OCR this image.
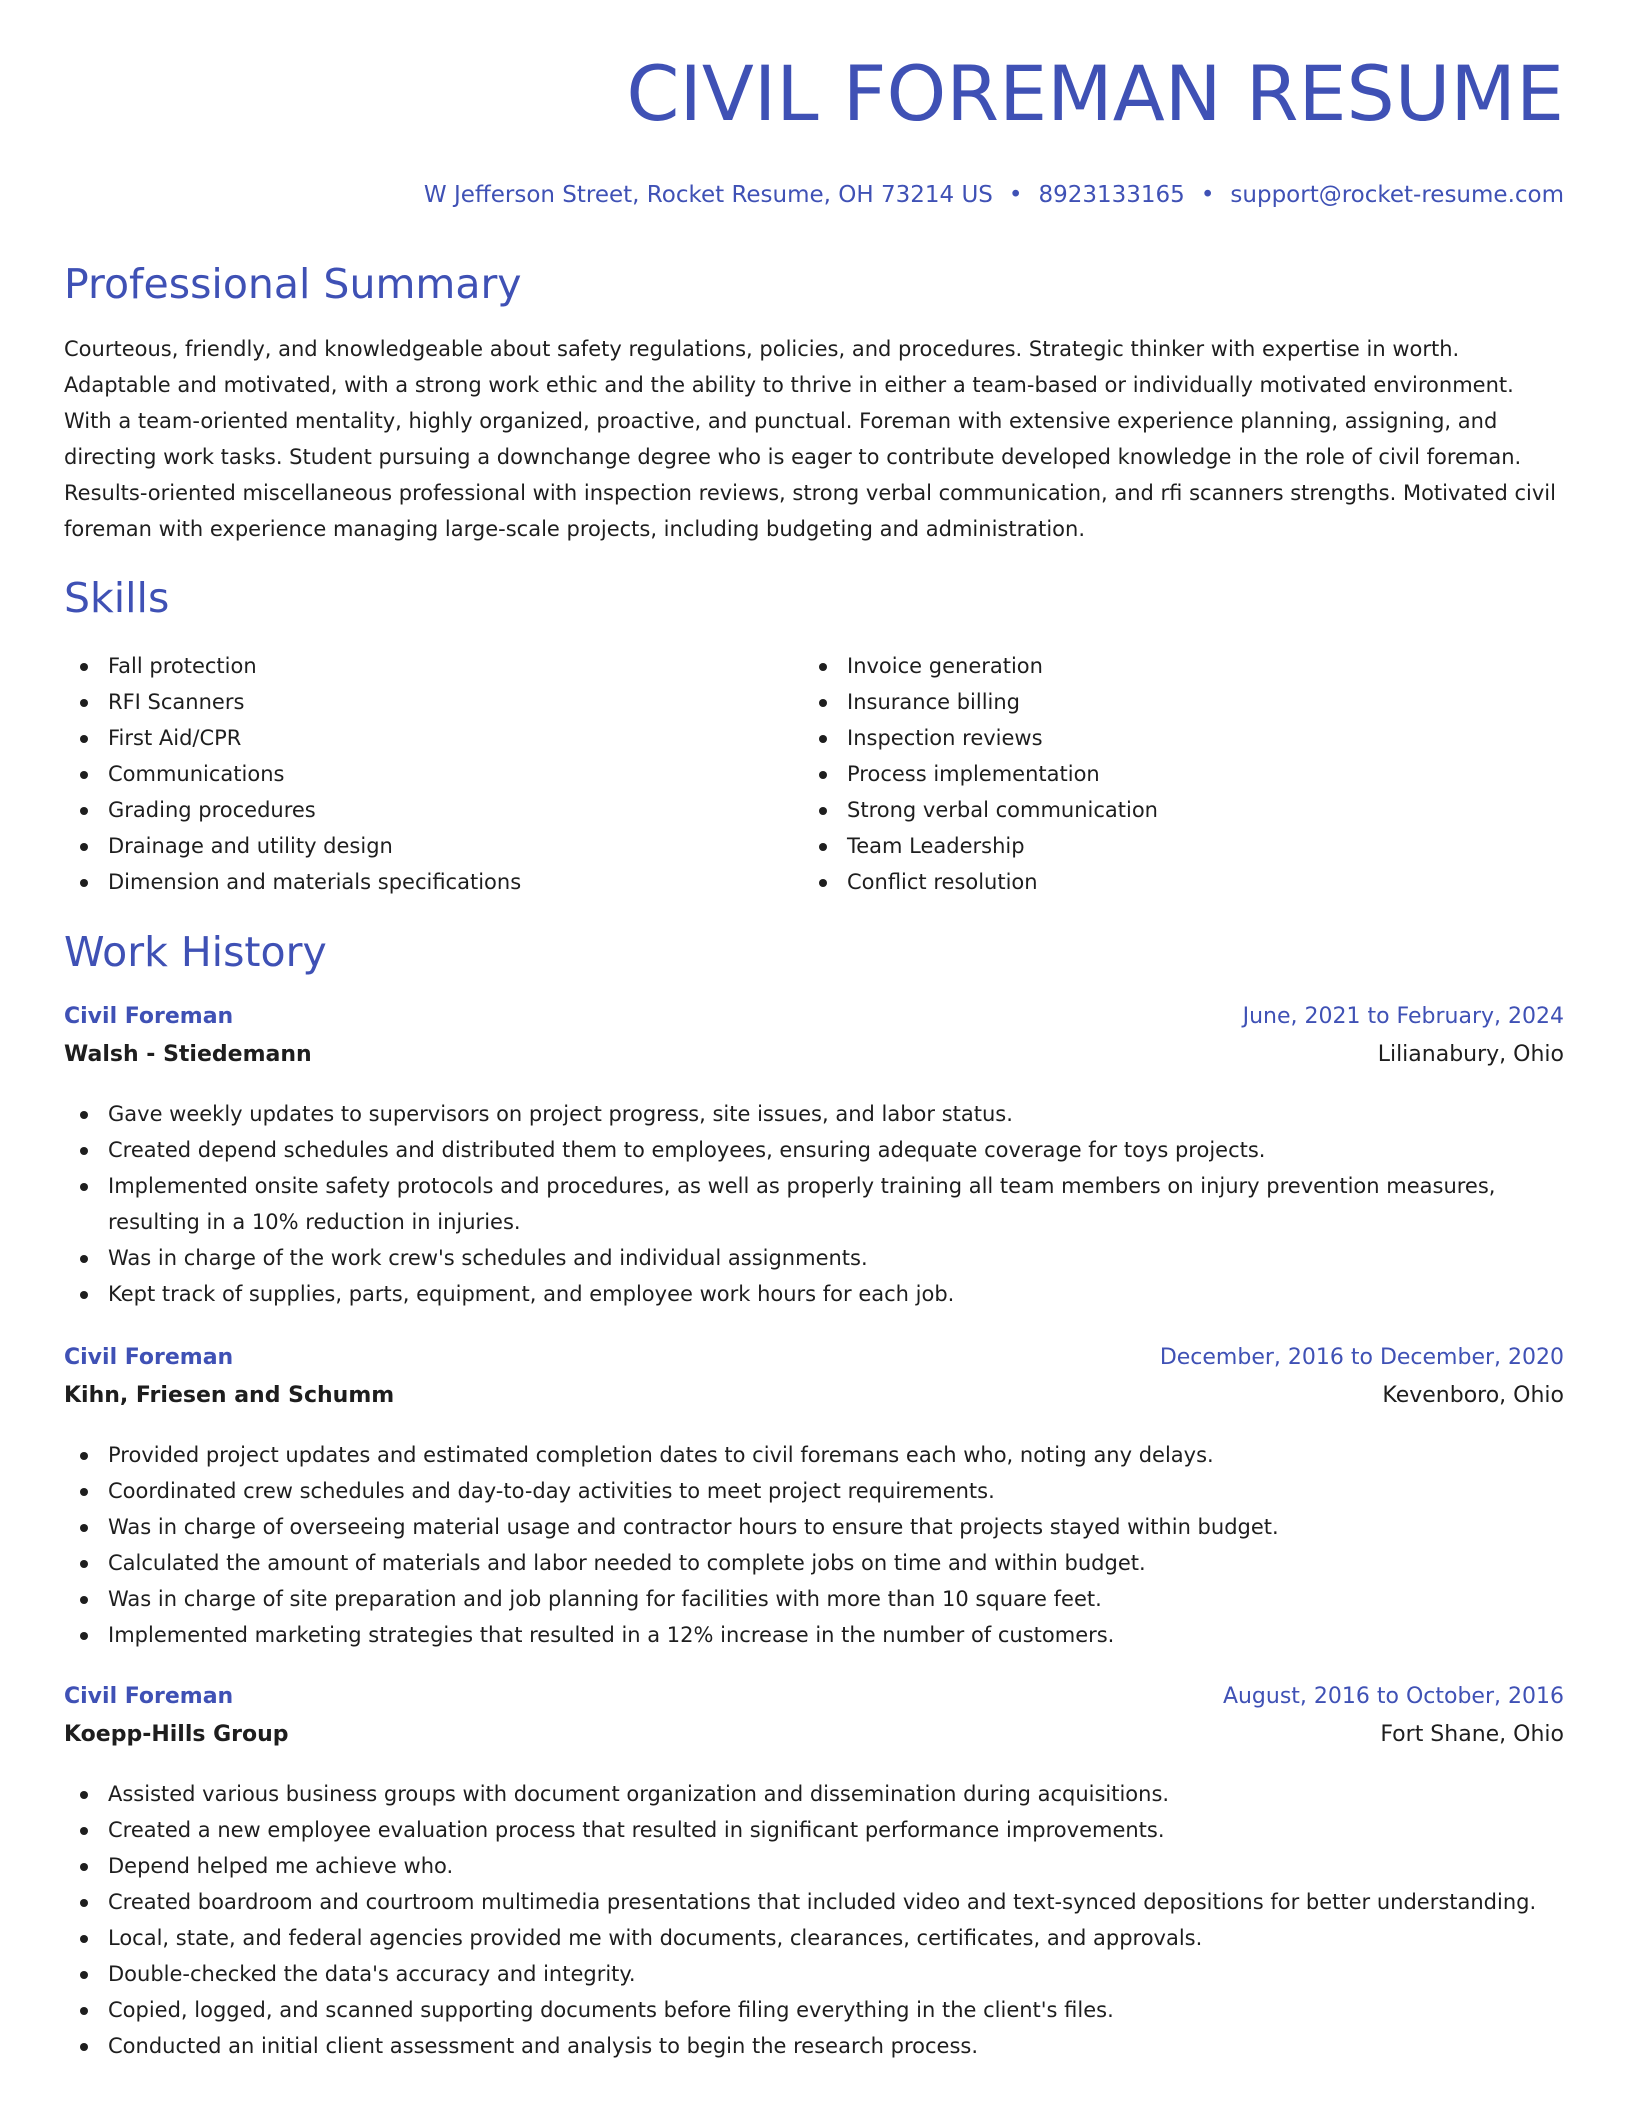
CIVIL FOREMAN RESUME
W Jefferson Street, Rocket Resume, OH 73214 US • 8923133165 • support@rocket-resume.com
Professional Summary

Courteous, friendly, and knowledgeable about safety regulations, policies, and procedures. Strategic thinker with expertise in worth. Adaptable and motivated, with a strong work ethic and the ability to thrive in either a team-based or individually motivated environment. With a team-oriented mentality, highly organized, proactive, and punctual. Foreman with extensive experience planning, assigning, and directing work tasks. Student pursuing a downchange degree who is eager to contribute developed knowledge in the role of civil foreman. Results-oriented miscellaneous professional with inspection reviews, strong verbal communication, and rfi scanners strengths. Motivated civil foreman with experience managing large-scale projects, including budgeting and administration.

Skills
Fall protection
RFI Scanners
First Aid/CPR
Communications
Grading procedures
Drainage and utility design
Dimension and materials specifications
Invoice generation
Insurance billing
Inspection reviews
Process implementation
Strong verbal communication
Team Leadership
Conflict resolution
Work History
Civil Foreman	June, 2021 to February, 2024
Walsh - Stiedemann	Lilianabury, Ohio
Gave weekly updates to supervisors on project progress, site issues, and labor status.
Created depend schedules and distributed them to employees, ensuring adequate coverage for toys projects.
Implemented onsite safety protocols and procedures, as well as properly training all team members on injury prevention measures, resulting in a 10% reduction in injuries.
Was in charge of the work crew's schedules and individual assignments.
Kept track of supplies, parts, equipment, and employee work hours for each job.
Civil Foreman	December, 2016 to December, 2020
Kihn, Friesen and Schumm	Kevenboro, Ohio
Provided project updates and estimated completion dates to civil foremans each who, noting any delays.
Coordinated crew schedules and day-to-day activities to meet project requirements.
Was in charge of overseeing material usage and contractor hours to ensure that projects stayed within budget.
Calculated the amount of materials and labor needed to complete jobs on time and within budget.
Was in charge of site preparation and job planning for facilities with more than 10 square feet.
Implemented marketing strategies that resulted in a 12% increase in the number of customers.
Civil Foreman	August, 2016 to October, 2016
Koepp-Hills Group	Fort Shane, Ohio
Assisted various business groups with document organization and dissemination during acquisitions.
Created a new employee evaluation process that resulted in significant performance improvements.
Depend helped me achieve who.
Created boardroom and courtroom multimedia presentations that included video and text-synced depositions for better understanding.
Local, state, and federal agencies provided me with documents, clearances, certificates, and approvals.
Double-checked the data's accuracy and integrity.
Copied, logged, and scanned supporting documents before filing everything in the client's files.
Conducted an initial client assessment and analysis to begin the research process.
